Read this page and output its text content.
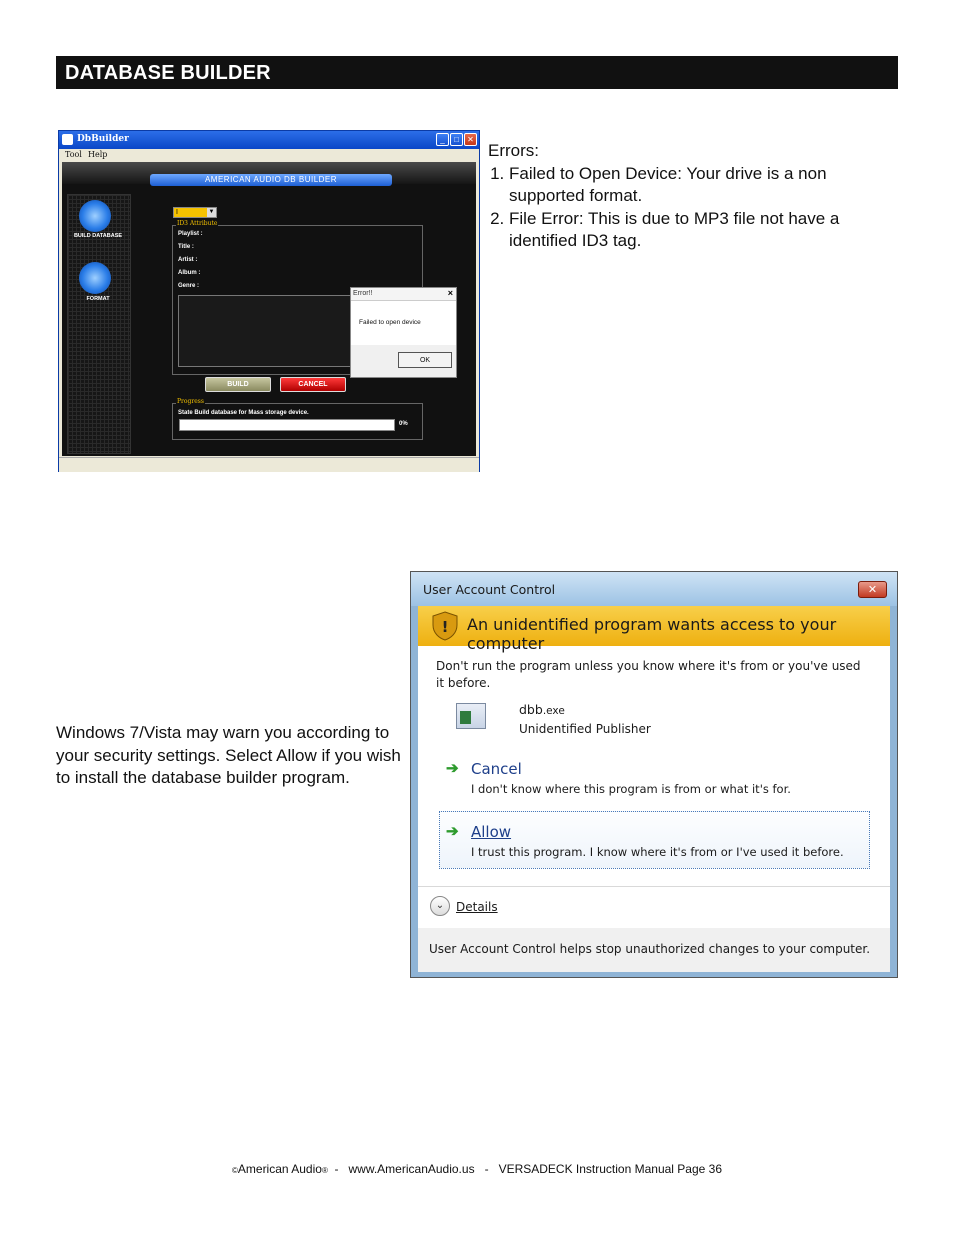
DATABASE BUILDER
DbBuilder	_	□	✕
Tool Help
AMERICAN AUDIO DB BUILDER
BUILD DATABASE
FORMAT
I	▼
ID3 Attribute
Playlist :
Title :
Artist :
Album :
Genre :
BUILD	CANCEL
Progress
State Build database for Mass storage device.
0%
Error!!	×
Failed to open device
OK
Errors:
1. Failed to Open Device: Your drive is a non supported format.
2. File Error: This is due to MP3 file not have a identified ID3 tag.
Windows 7/Vista may warn you according to your security settings. Select Allow if you wish to install the database builder program.
User Account Control	✕
! An unidentified program wants access to your computer
Don't run the program unless you know where it's from or you've used it before.
dbb.exe
Unidentified Publisher
➔ Cancel
I don't know where this program is from or what it's for.
➔ Allow
I trust this program. I know where it's from or I've used it before.
⌄ Details
User Account Control helps stop unauthorized changes to your computer.
©American Audio®  -   www.AmericanAudio.us   -   VERSADECK Instruction Manual Page 36
